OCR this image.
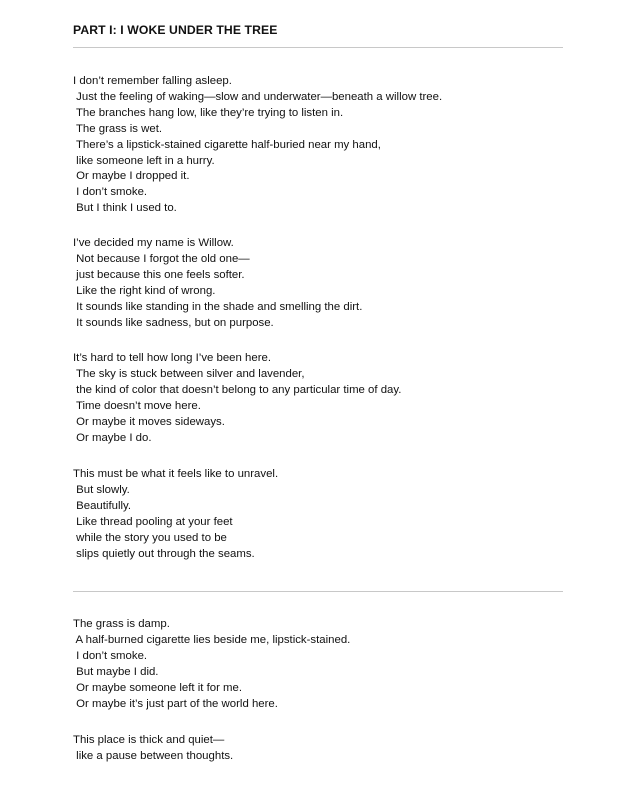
PART I: I WOKE UNDER THE TREE

I don’t remember falling asleep.
Just the feeling of waking—slow and underwater—beneath a willow tree.
The branches hang low, like they’re trying to listen in.
The grass is wet.
There’s a lipstick-stained cigarette half-buried near my hand,
like someone left in a hurry.
Or maybe I dropped it.
I don’t smoke.
But I think I used to.

I’ve decided my name is Willow.
Not because I forgot the old one—
just because this one feels softer.
Like the right kind of wrong.
It sounds like standing in the shade and smelling the dirt.
It sounds like sadness, but on purpose.

It’s hard to tell how long I’ve been here.
The sky is stuck between silver and lavender,
the kind of color that doesn’t belong to any particular time of day.
Time doesn’t move here.
Or maybe it moves sideways.
Or maybe I do.

This must be what it feels like to unravel.
But slowly.
Beautifully.
Like thread pooling at your feet
while the story you used to be
slips quietly out through the seams.

The grass is damp.
A half-burned cigarette lies beside me, lipstick-stained.
I don’t smoke.
But maybe I did.
Or maybe someone left it for me.
Or maybe it’s just part of the world here.

This place is thick and quiet—
like a pause between thoughts.
